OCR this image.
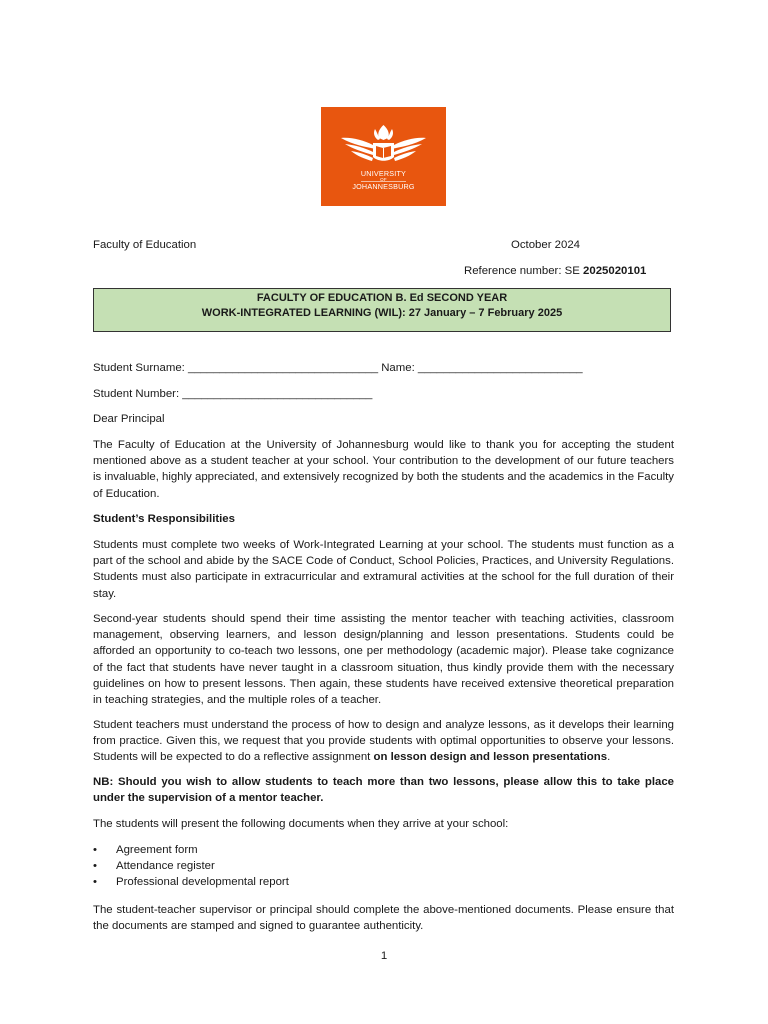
UNIVERSITY
OF
JOHANNESBURG
Faculty of Education	October 2024
Reference number: SE 2025020101
FACULTY OF EDUCATION B. Ed SECOND YEAR
WORK-INTEGRATED LEARNING (WIL): 27 January – 7 February 2025
Student Surname: ______________________________ Name: __________________________
Student Number: ______________________________
Dear Principal
The Faculty of Education at the University of Johannesburg would like to thank you for accepting the student mentioned above as a student teacher at your school. Your contribution to the development of our future teachers is invaluable, highly appreciated, and extensively recognized by both the students and the academics in the Faculty of Education.
Student’s Responsibilities
Students must complete two weeks of Work-Integrated Learning at your school. The students must function as a part of the school and abide by the SACE Code of Conduct, School Policies, Practices, and University Regulations. Students must also participate in extracurricular and extramural activities at the school for the full duration of their stay.
Second-year students should spend their time assisting the mentor teacher with teaching activities, classroom management, observing learners, and lesson design/planning and lesson presentations. Students could be afforded an opportunity to co-teach two lessons, one per methodology (academic major). Please take cognizance of the fact that students have never taught in a classroom situation, thus kindly provide them with the necessary guidelines on how to present lessons. Then again, these students have received extensive theoretical preparation in teaching strategies, and the multiple roles of a teacher.
Student teachers must understand the process of how to design and analyze lessons, as it develops their learning from practice. Given this, we request that you provide students with optimal opportunities to observe your lessons. Students will be expected to do a reflective assignment on lesson design and lesson presentations.
NB: Should you wish to allow students to teach more than two lessons, please allow this to take place under the supervision of a mentor teacher.
The students will present the following documents when they arrive at your school:
• Agreement form
• Attendance register
• Professional developmental report
The student-teacher supervisor or principal should complete the above-mentioned documents. Please ensure that the documents are stamped and signed to guarantee authenticity.
1
